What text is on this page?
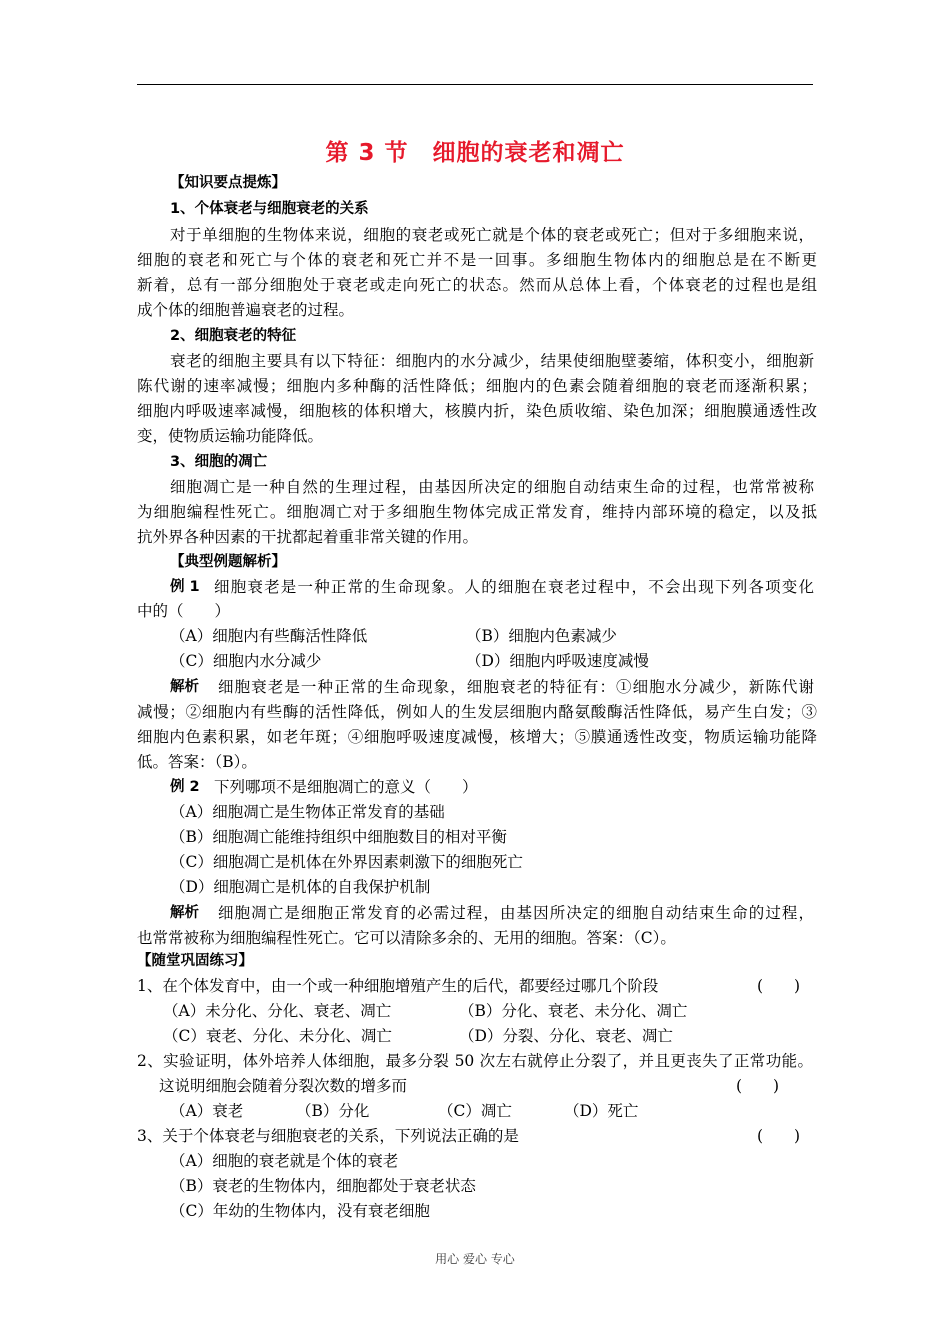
第 3 节　细胞的衰老和凋亡
【知识要点提炼】
1、个体衰老与细胞衰老的关系
对于单细胞的生物体来说，细胞的衰老或死亡就是个体的衰老或死亡；但对于多细胞来说，
细胞的衰老和死亡与个体的衰老和死亡并不是一回事。多细胞生物体内的细胞总是在不断更
新着，总有一部分细胞处于衰老或走向死亡的状态。然而从总体上看，个体衰老的过程也是组
成个体的细胞普遍衰老的过程。
2、细胞衰老的特征
衰老的细胞主要具有以下特征：细胞内的水分减少，结果使细胞壁萎缩，体积变小，细胞新
陈代谢的速率减慢；细胞内多种酶的活性降低；细胞内的色素会随着细胞的衰老而逐渐积累；
细胞内呼吸速率减慢，细胞核的体积增大，核膜内折，染色质收缩、染色加深；细胞膜通透性改
变，使物质运输功能降低。
3、细胞的凋亡
细胞凋亡是一种自然的生理过程，由基因所决定的细胞自动结束生命的过程，也常常被称
为细胞编程性死亡。细胞凋亡对于多细胞生物体完成正常发育，维持内部环境的稳定，以及抵
抗外界各种因素的干扰都起着重非常关键的作用。
【典型例题解析】
例 1 细胞衰老是一种正常的生命现象。人的细胞在衰老过程中，不会出现下列各项变化
中的（　　）
（A）细胞内有些酶活性降低	（B）细胞内色素减少
（C）细胞内水分减少	（D）细胞内呼吸速度减慢
解析 细胞衰老是一种正常的生命现象，细胞衰老的特征有：①细胞水分减少，新陈代谢
减慢；②细胞内有些酶的活性降低，例如人的生发层细胞内酪氨酸酶活性降低，易产生白发；③
细胞内色素积累，如老年斑；④细胞呼吸速度减慢，核增大；⑤膜通透性改变，物质运输功能降
低。答案：（B）。
例 2 下列哪项不是细胞凋亡的意义（　　）
（A）细胞凋亡是生物体正常发育的基础
（B）细胞凋亡能维持组织中细胞数目的相对平衡
（C）细胞凋亡是机体在外界因素刺激下的细胞死亡
（D）细胞凋亡是机体的自我保护机制
解析 细胞凋亡是细胞正常发育的必需过程，由基因所决定的细胞自动结束生命的过程，
也常常被称为细胞编程性死亡。它可以清除多余的、无用的细胞。答案：（C）。
【随堂巩固练习】
1、在个体发育中，由一个或一种细胞增殖产生的后代，都要经过哪几个阶段	(　　)
（A）未分化、分化、衰老、凋亡	（B）分化、衰老、未分化、凋亡
（C）衰老、分化、未分化、凋亡	（D）分裂、分化、衰老、凋亡
2、实验证明，体外培养人体细胞，最多分裂 50 次左右就停止分裂了，并且更丧失了正常功能。
这说明细胞会随着分裂次数的增多而	(　　)
（A）衰老	（B）分化	（C）凋亡	（D）死亡
3、关于个体衰老与细胞衰老的关系，下列说法正确的是	(　　)
（A）细胞的衰老就是个体的衰老
（B）衰老的生物体内，细胞都处于衰老状态
（C）年幼的生物体内，没有衰老细胞
用心 爱心 专心
